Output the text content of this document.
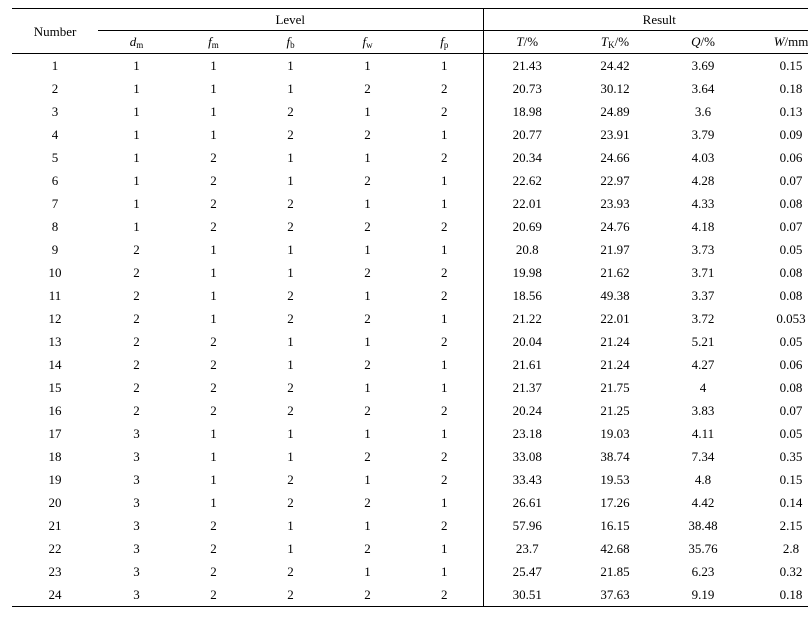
Number	Level					Result			
	$d_m$	$f_m$	$f_b$	$f_w$	$f_p$	T/%	$T_K/\%$	Q/%	W/mm
1	1	1	1	1	1	21.43	24.42	3.69	0.15
2	1	1	1	2	2	20.73	30.12	3.64	0.18
3	1	1	2	1	2	18.98	24.89	3.6	0.13
4	1	1	2	2	1	20.77	23.91	3.79	0.09
5	1	2	1	1	2	20.34	24.66	4.03	0.06
6	1	2	1	2	1	22.62	22.97	4.28	0.07
7	1	2	2	1	1	22.01	23.93	4.33	0.08
8	1	2	2	2	2	20.69	24.76	4.18	0.07
9	2	1	1	1	1	20.8	21.97	3.73	0.05
10	2	1	1	2	2	19.98	21.62	3.71	0.08
11	2	1	2	1	2	18.56	49.38	3.37	0.08
12	2	1	2	2	1	21.22	22.01	3.72	0.053
13	2	2	1	1	2	20.04	21.24	5.21	0.05
14	2	2	1	2	1	21.61	21.24	4.27	0.06
15	2	2	2	1	1	21.37	21.75	4	0.08
16	2	2	2	2	2	20.24	21.25	3.83	0.07
17	3	1	1	1	1	23.18	19.03	4.11	0.05
18	3	1	1	2	2	33.08	38.74	7.34	0.35
19	3	1	2	1	2	33.43	19.53	4.8	0.15
20	3	1	2	2	1	26.61	17.26	4.42	0.14
21	3	2	1	1	2	57.96	16.15	38.48	2.15
22	3	2	1	2	1	23.7	42.68	35.76	2.8
23	3	2	2	1	1	25.47	21.85	6.23	0.32
24	3	2	2	2	2	30.51	37.63	9.19	0.18
